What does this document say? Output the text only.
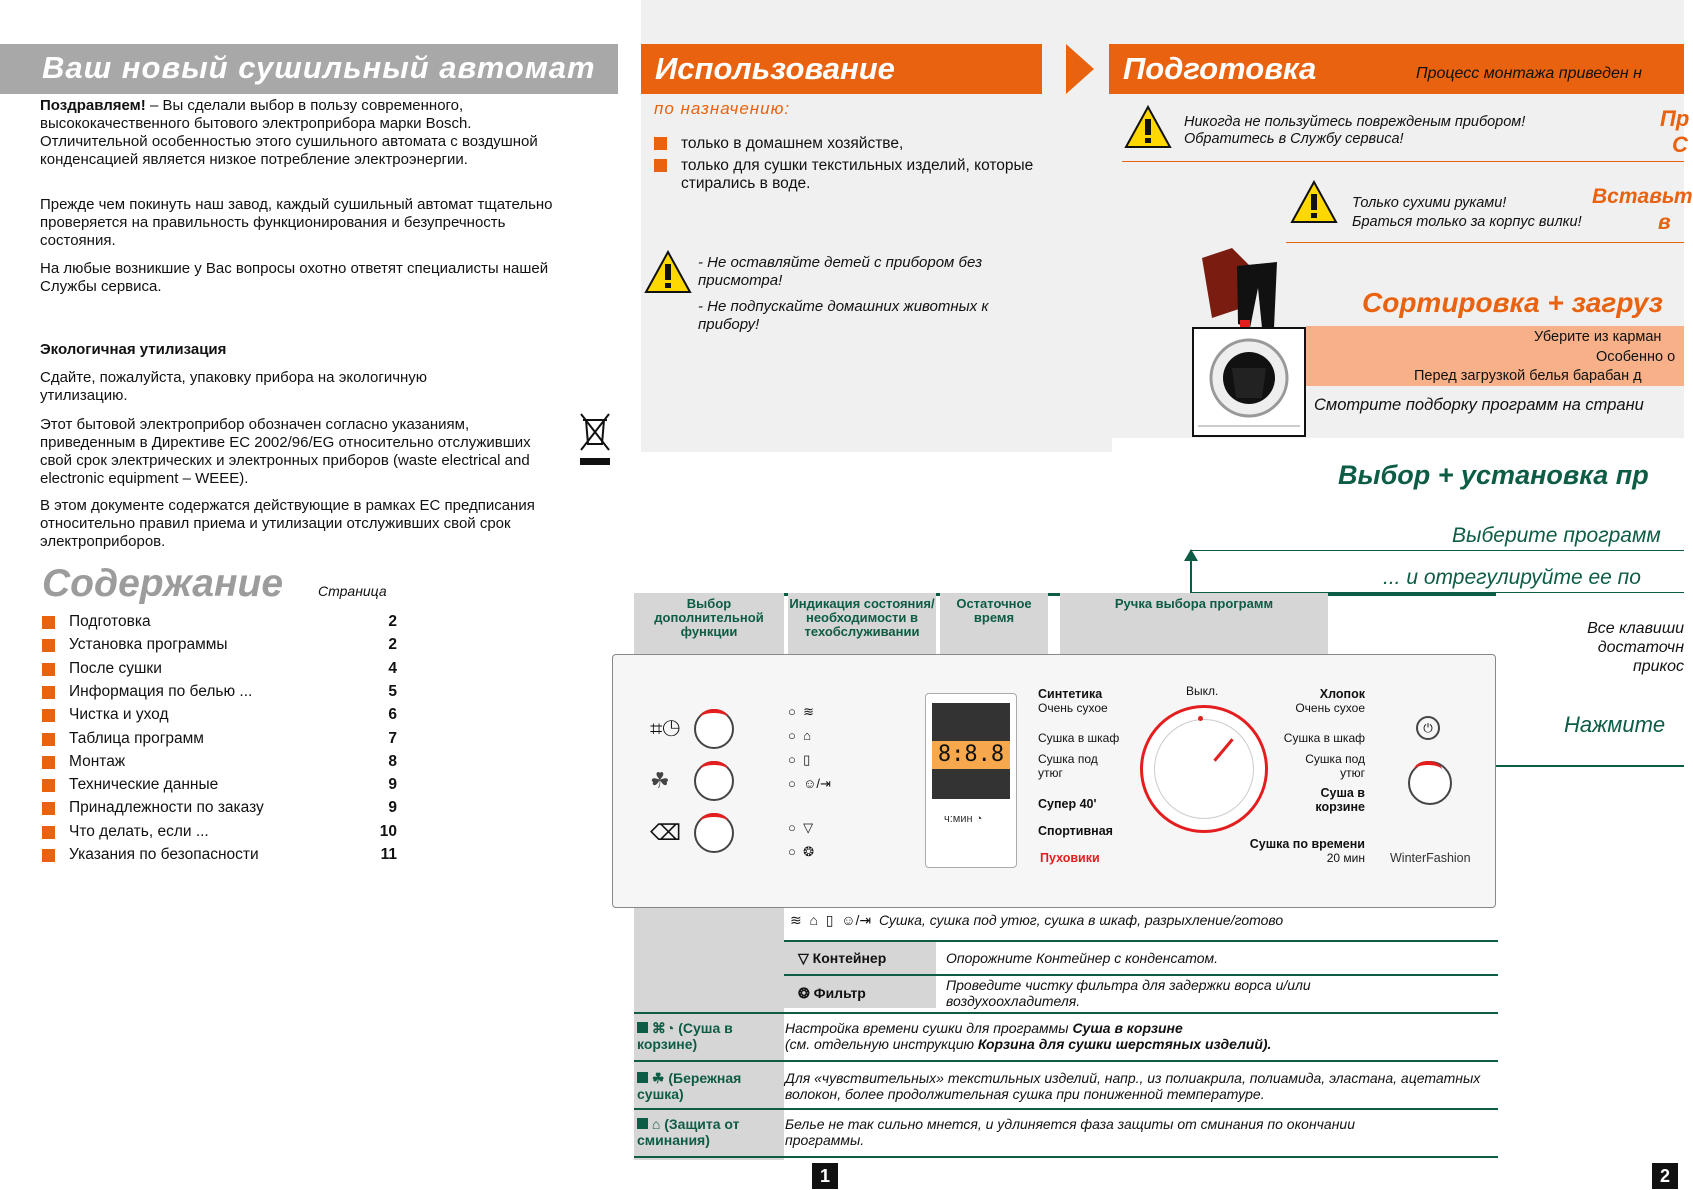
Ваш новый сушильный автомат

Поздравляем! – Вы сделали выбор в пользу современного, высококачественного бытового электроприбора марки Bosch. Отличительной особенностью этого сушильного автомата с воздушной конденсацией является низкое потребление электроэнергии.

Прежде чем покинуть наш завод, каждый сушильный автомат тщательно проверяется на правильность функционирования и безупречность состояния.

На любые возникшие у Вас вопросы охотно ответят специалисты нашей Службы сервиса.

Экологичная утилизация

Сдайте, пожалуйста, упаковку прибора на экологичную утилизацию.

Этот бытовой электроприбор обозначен согласно указаниям, приведенным в Директиве ЕС 2002/96/EG относительно отслуживших свой срок электрических и электронных приборов (waste electrical and electronic equipment – WEEE).

В этом документе содержатся действующие в рамках ЕС предписания относительно правил приема и утилизации отслуживших свой срок электроприборов.

Содержание Страница
Подготовка	2
Установка программы	2
После сушки	4
Информация по белью ...	5
Чистка и уход	6
Таблица программ	7
Монтаж	8
Технические данные	9
Принадлежности по заказу	9
Что делать, если ...	10
Указания по безопасности	11
1
Использование
по назначению:
только в домашнем хозяйстве,
только для сушки текстильных изделий, которые стирались в воде.
- Не оставляйте детей с прибором без присмотра!
- Не подпускайте домашних животных к прибору!
Подготовка	Процесс монтажа приведен н
Никогда не пользуйтесь поврежденым прибором!
Обратитесь в Службу сервиса!
Пр
С
Только сухими руками!
Браться только за корпус вилки!
Вставьт
в
Сортировка + загруз
Уберите из карман
Особенно о
Перед загрузкой белья барабан д
Смотрите подборку программ на страни
Выбор + установка пр
Выберите программ
... и отрегулируйте ее по
Все клавиши
достаточн
прикос
Нажмите
Выбор дополнительной функции
Индикация состояния/ необходимости в техобслуживании
Остаточное время
Ручка выбора программ
⌗◷
☘
⌫
○  ≋
○  ⌂
○  ▯
○  ☺/⇥
○  ▽
○  ❂
8:8.8
ч:мин ◔
Синтетика
Очень сухое
Сушка в шкаф
Сушка под утюг
Супер 40'
Спортивная
Пуховики
Хлопок
Очень сухое
Сушка в шкаф
Сушка под утюг
Суша в корзине
Сушка по времени
20 мин
Выкл.
⏻
WinterFashion
≋  ⌂  ▯  ☺/⇥ Сушка, сушка под утюг, сушка в шкаф, разрыхление/готово
▽ Контейнер	Опорожните Контейнер с конденсатом.
❂ Фильтр	Проведите чистку фильтра для задержки ворса и/или воздухоохладителя.
⌘◔ (Суша в корзине)
Настройка времени сушки для программы Суша в корзине
(см. отдельную инструкцию Корзина для сушки шерстяных изделий).
☘ (Бережная сушка)
Для «чувствительных» текстильных изделий, напр., из полиакрила, полиамида, эластана, ацетатных волокон, более продолжительная сушка при пониженной температуре.
⌂ (Защита от сминания)
Белье не так сильно мнется, и удлиняется фаза защиты от сминания по окончании программы.
2
